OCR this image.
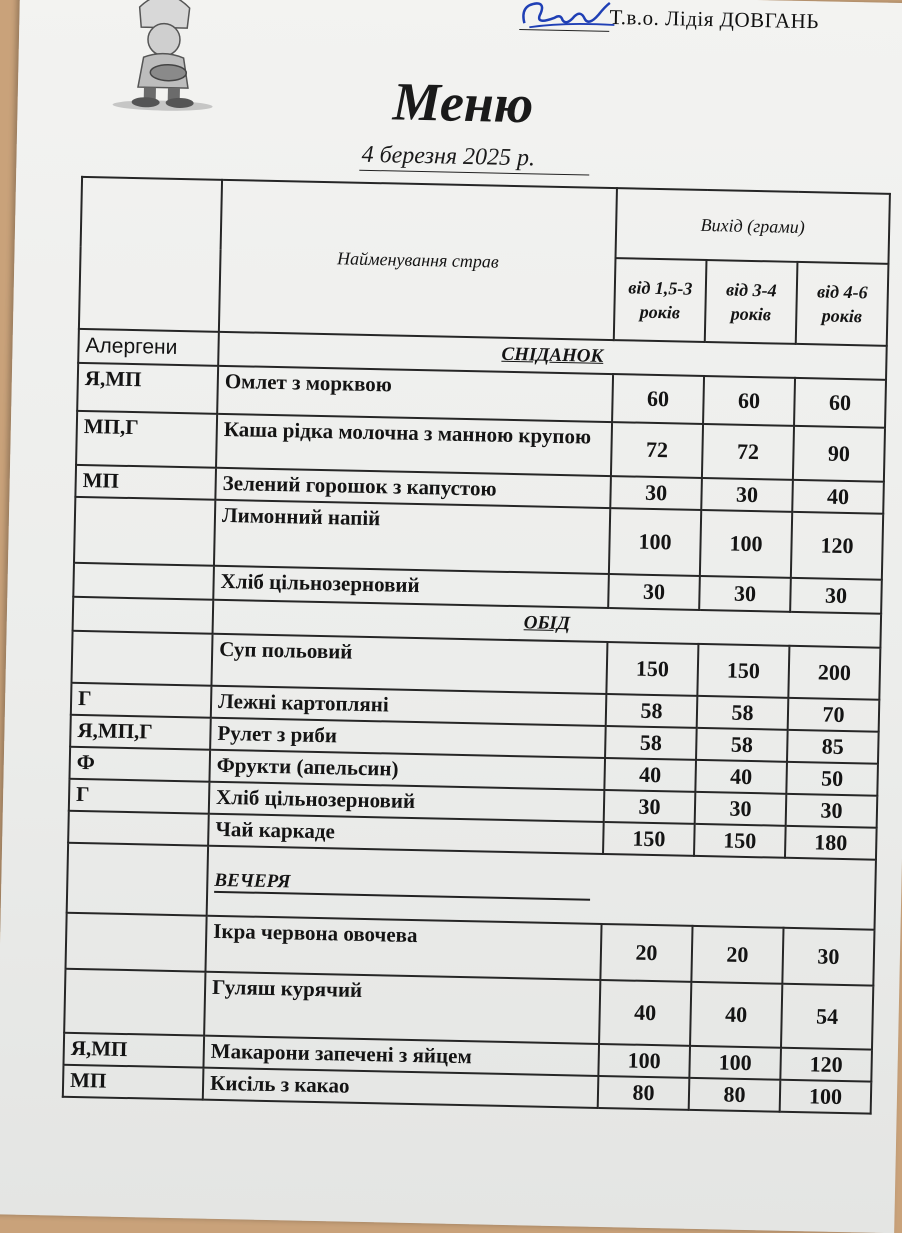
Т.в.о. Лідія ДОВГАНЬ
Меню
4 березня 2025 р.
	Найменування страв	Вихід (грами)		
		від 1,5-3 років	від 3-4 років	від 4-6 років
Алергени	СНІДАНОК			
Я,МП	Омлет з морквою	60	60	60
МП,Г	Каша рідка молочна з манною крупою	72	72	90
МП	Зелений горошок з капустою	30	30	40
	Лимонний напій	100	100	120
	Хліб цільнозерновий	30	30	30
	ОБІД			
	Суп польовий	150	150	200
Г	Лежні картопляні	58	58	70
Я,МП,Г	Рулет з риби	58	58	85
Ф	Фрукти (апельсин)	40	40	50
Г	Хліб цільнозерновий	30	30	30
	Чай каркаде	150	150	180
	ВЕЧЕРЯ			
	Ікра червона овочева	20	20	30
	Гуляш курячий	40	40	54
Я,МП	Макарони запечені з яйцем	100	100	120
МП	Кисіль з какао	80	80	100
